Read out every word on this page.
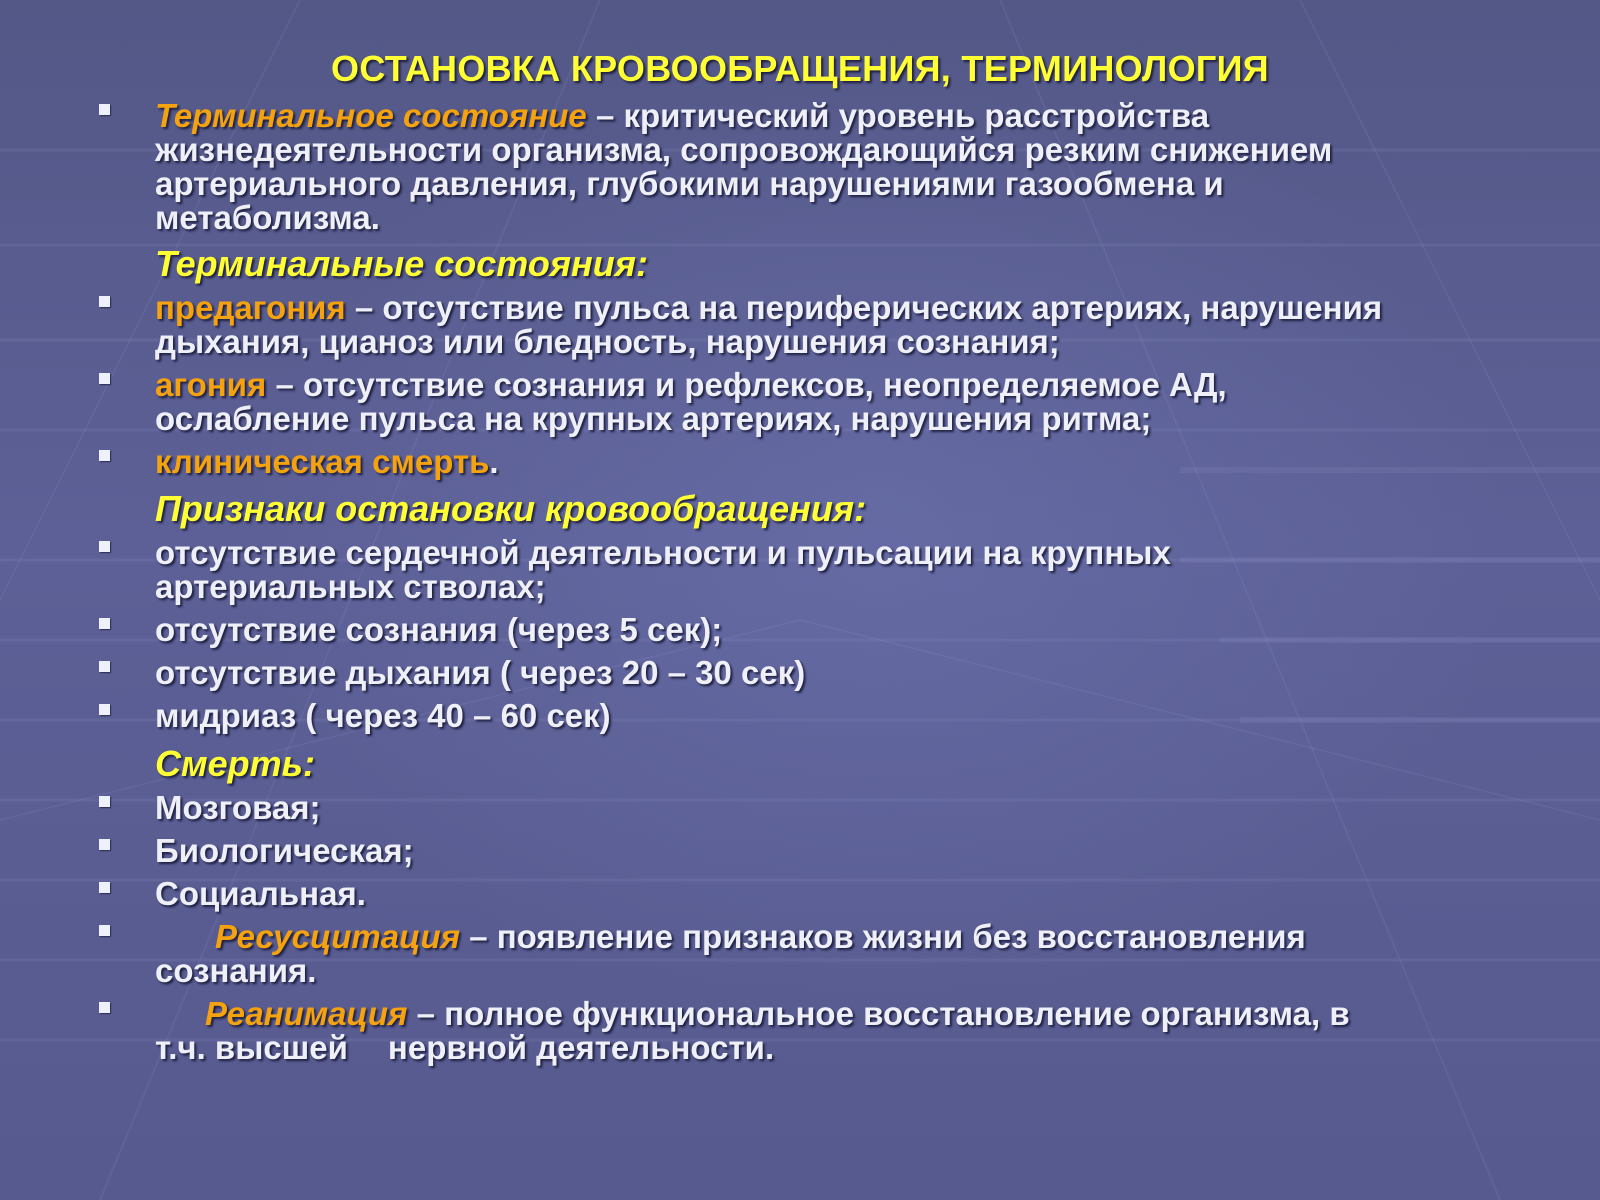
ОСТАНОВКА КРОВООБРАЩЕНИЯ, ТЕРМИНОЛОГИЯ
Терминальное состояние – критический уровень расстройства
жизнедеятельности организма, сопровождающийся резким снижением
артериального давления, глубокими нарушениями газообмена и
метаболизма.
Терминальные состояния:
предагония – отсутствие пульса на периферических артериях, нарушения
дыхания, цианоз или бледность, нарушения сознания;
агония – отсутствие сознания и рефлексов, неопределяемое АД,
ослабление пульса на крупных артериях, нарушения ритма;
клиническая смерть.
Признаки остановки кровообращения:
отсутствие сердечной деятельности и пульсации на крупных
артериальных стволах;
отсутствие сознания (через 5 сек);
отсутствие дыхания ( через 20 – 30 сек)
мидриаз ( через 40 – 60 сек)
Смерть:
Мозговая;
Биологическая;
Социальная.
Ресусцитация – появление признаков жизни без восстановления
сознания.
Реанимация – полное функциональное восстановление организма, в
т.ч. высшей нервной деятельности.
